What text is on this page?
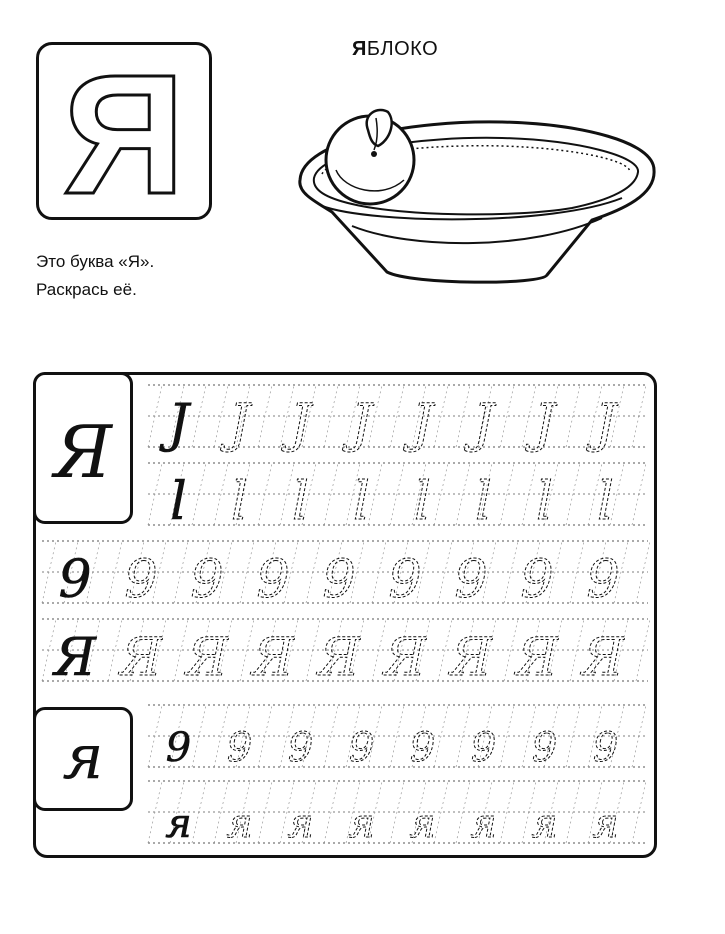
Я	ЯБЛОКО
Это буква «Я».
Раскрась её.
J J J J J J J J
l l l l l l l l
9 9 9 9 9 9 9 9 9
Я Я Я Я Я Я Я Я Я
9 9 9 9 9 9 9 9
я я я я я я я я
Я
я
